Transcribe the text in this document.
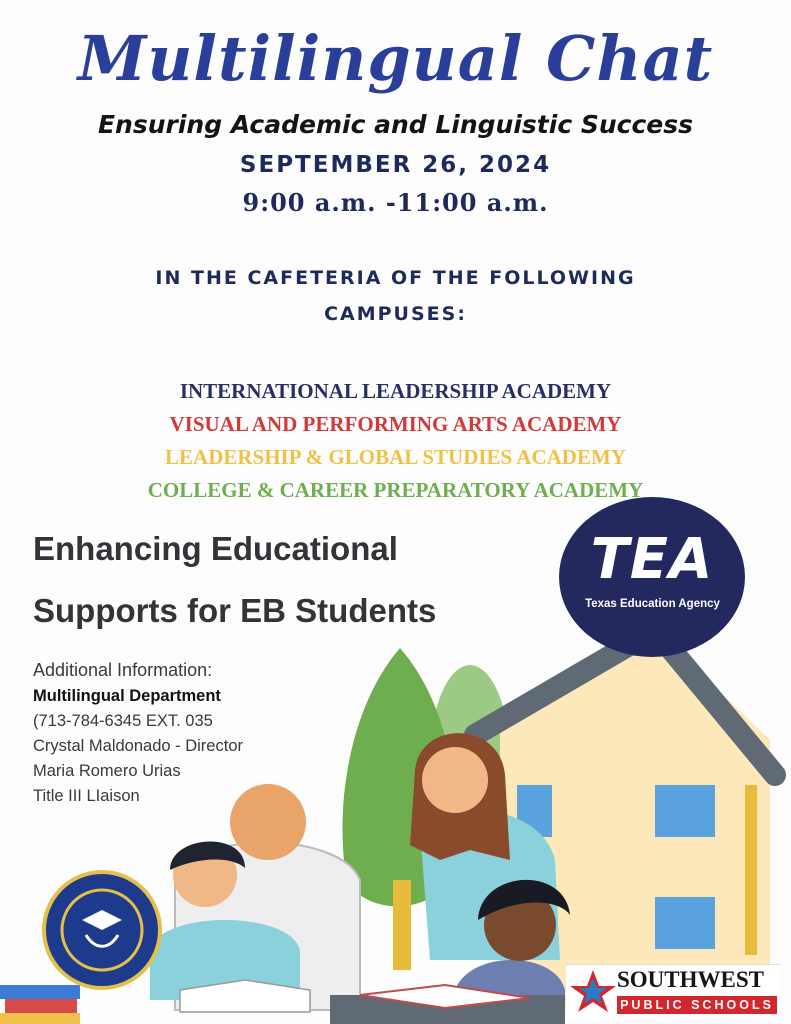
Multilingual Chat
Ensuring Academic and Linguistic Success
SEPTEMBER 26, 2024
9:00 a.m. -11:00 a.m.
IN THE CAFETERIA OF THE FOLLOWING
CAMPUSES:
INTERNATIONAL LEADERSHIP ACADEMY
VISUAL AND PERFORMING ARTS ACADEMY
LEADERSHIP & GLOBAL STUDIES ACADEMY
COLLEGE & CAREER PREPARATORY ACADEMY
Enhancing Educational
Supports for EB Students
Additional Information:
Multilingual Department
(713-784-6345 EXT. 035
Crystal Maldonado - Director
Maria Romero Urias
Title III LIaison
TEA
Texas Education Agency
SOUTHWEST
PUBLIC SCHOOLS
